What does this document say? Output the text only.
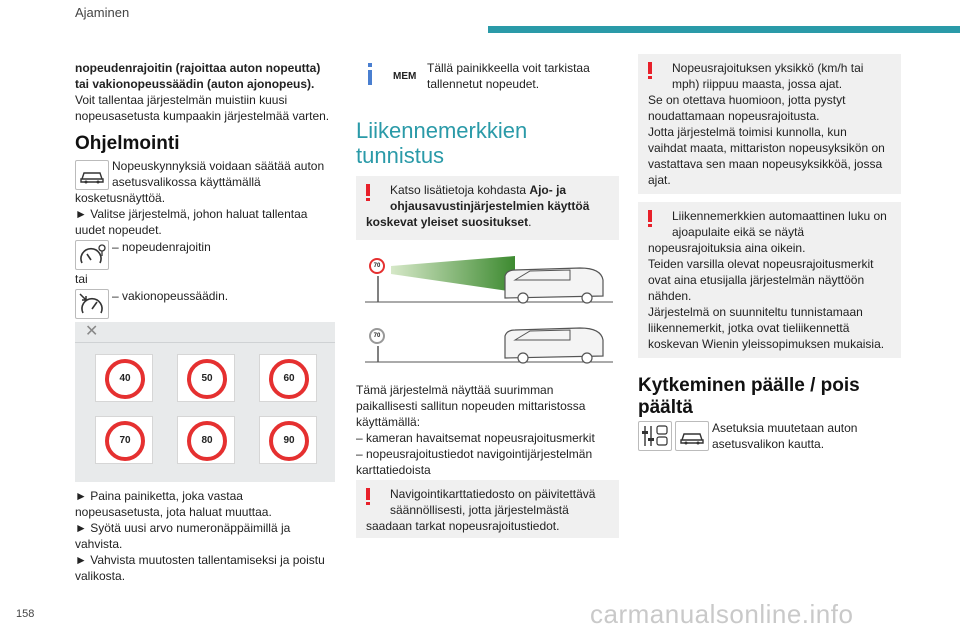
Ajaminen

nopeudenrajoitin (rajoittaa auton nopeutta)

tai vakionopeussäädin (auton ajonopeus).

Voit tallentaa järjestelmän muistiin kuusi

nopeusasetusta kumpaakin järjestelmää varten.

Ohjelmointi

Nopeuskynnyksiä voidaan säätää auton

asetusvalikossa käyttämällä

kosketusnäyttöä.

► Valitse järjestelmä, johon haluat tallentaa

uudet nopeudet.

– nopeudenrajoitin
tai
– vakionopeussäädin.
✕
40	50	60
70	80	90

► Paina painiketta, joka vastaa

nopeusasetusta, jota haluat muuttaa.

► Syötä uusi arvo numeronäppäimillä ja

vahvista.

► Vahvista muutosten tallentamiseksi ja poistu

valikosta.

MEM

Tällä painikkeella voit tarkistaa

tallennetut nopeudet.

Liikennemerkkien
tunnistus
Katso lisätietoja kohdasta Ajo- ja
ohjausavustinjärjestelmien käyttöä
koskevat yleiset suositukset.
70
70

Tämä järjestelmä näyttää suurimman

paikallisesti sallitun nopeuden mittaristossa

käyttämällä:

– kameran havaitsemat nopeusrajoitusmerkit

– nopeusrajoitustiedot navigointijärjestelmän

karttatiedoista

Navigointikarttatiedosto on päivitettävä
säännöllisesti, jotta järjestelmästä
saadaan tarkat nopeusrajoitustiedot.
Nopeusrajoituksen yksikkö (km/h tai
mph) riippuu maasta, jossa ajat.

Se on otettava huomioon, jotta pystyt

noudattamaan nopeusrajoitusta.

Jotta järjestelmä toimisi kunnolla, kun

vaihdat maata, mittariston nopeusyksikön on

vastattava sen maan nopeusyksikköä, jossa

ajat.

Liikennemerkkien automaattinen luku on
ajoapulaite eikä se näytä

nopeusrajoituksia aina oikein.

Teiden varsilla olevat nopeusrajoitusmerkit

ovat aina etusijalla järjestelmän näyttöön

nähden.

Järjestelmä on suunniteltu tunnistamaan

liikennemerkit, jotka ovat tieliikennettä

koskevan Wienin yleissopimuksen mukaisia.

Kytkeminen päälle / pois
päältä

Asetuksia muutetaan auton

asetusvalikon kautta.

158	carmanualsonline.info
